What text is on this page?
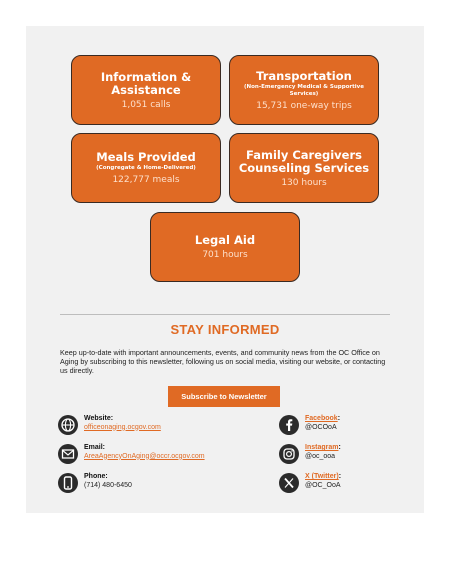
Information & Assistance
1,051 calls
Transportation
(Non-Emergency Medical & Supportive Services)
15,731 one-way trips
Meals Provided
(Congregate & Home-Delivered)
122,777 meals
Family Caregivers Counseling Services
130 hours
Legal Aid
701 hours
STAY INFORMED
Keep up-to-date with important announcements, events, and community news from the OC Office on Aging by subscribing to this newsletter, following us on social media, visiting our website, or contacting us directly.
Subscribe to Newsletter
Website:
officeonaging.ocgov.com
Email:
AreaAgencyOnAging@occr.ocgov.com
Phone:
(714) 480-6450
Facebook:
@OCOoA
Instagram:
@oc_ooa
X (Twitter):
@OC_OoA
